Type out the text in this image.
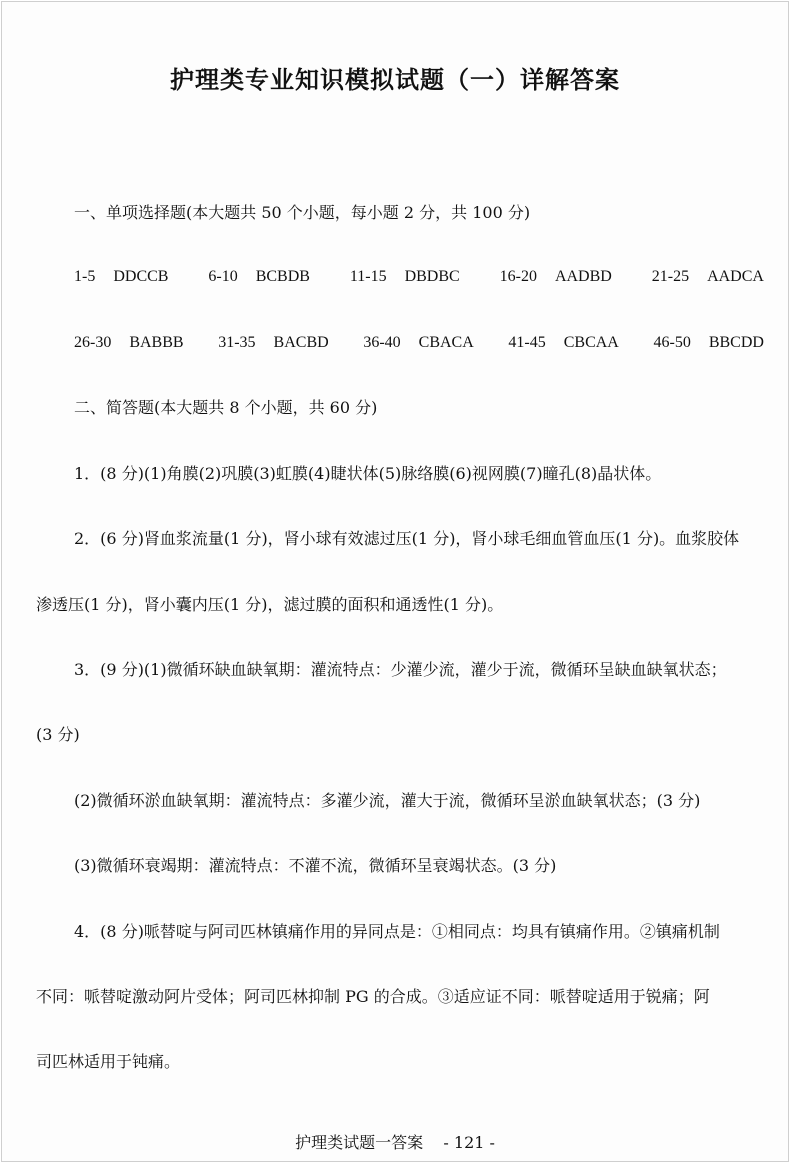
护理类专业知识模拟试题（一）详解答案
一、单项选择题(本大题共 50 个小题，每小题 2 分，共 100 分)
1-5 DDCCB 6-10 BCBDB 11-15 DBDBC 16-20 AADBD 21-25 AADCA
26-30 BABBB 31-35 BACBD 36-40 CBACA 41-45 CBCAA 46-50 BBCDD
二、简答题(本大题共 8 个小题，共 60 分)
1．(8 分)(1)角膜(2)巩膜(3)虹膜(4)睫状体(5)脉络膜(6)视网膜(7)瞳孔(8)晶状体。
2．(6 分)肾血浆流量(1 分)，肾小球有效滤过压(1 分)，肾小球毛细血管血压(1 分)。血浆胶体
渗透压(1 分)，肾小囊内压(1 分)，滤过膜的面积和通透性(1 分)。
3．(9 分)(1)微循环缺血缺氧期：灌流特点：少灌少流，灌少于流，微循环呈缺血缺氧状态；
(3 分)
(2)微循环淤血缺氧期：灌流特点：多灌少流，灌大于流，微循环呈淤血缺氧状态；(3 分)
(3)微循环衰竭期：灌流特点：不灌不流，微循环呈衰竭状态。(3 分)
4．(8 分)哌替啶与阿司匹林镇痛作用的异同点是：①相同点：均具有镇痛作用。②镇痛机制
不同：哌替啶激动阿片受体；阿司匹林抑制 PG 的合成。③适应证不同：哌替啶适用于锐痛；阿
司匹林适用于钝痛。
护理类试题一答案    - 121 -
